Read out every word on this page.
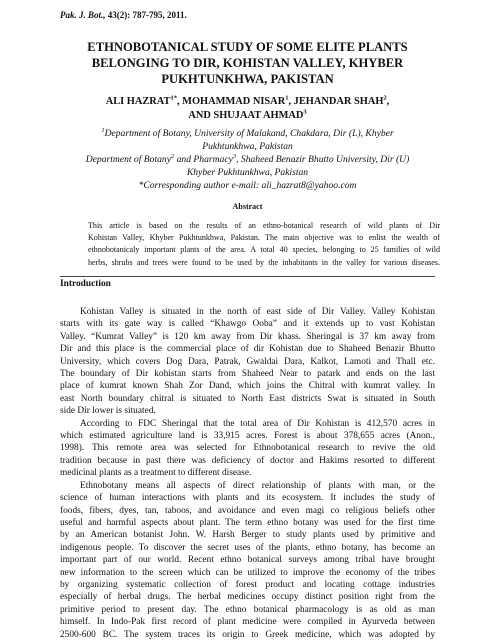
Pak. J. Bot., 43(2): 787-795, 2011.
ETHNOBOTANICAL STUDY OF SOME ELITE PLANTS
BELONGING TO DIR, KOHISTAN VALLEY, KHYBER
PUKHTUNKHWA, PAKISTAN
ALI $HAZRAT^{1*}$, MOHAMMAD NISAR$^1$, JEHANDAR SHAH$^2$,
AND SHUJAAT AHMAD$^3$
$^1$Department of Botany, University of Malakand, Chakdara, Dir (L), Khyber
Pukhtunkhwa, Pakistan
Department of Botany$^2$ and Pharmacy$^3$, Shaheed Benazir Bhutto University, Dir (U)
Khyber Pukhtunkhwa, Pakistan
*Corresponding author e-mail: ali_hazrat8@yahoo.com
Abstract
This article is based on the results of an ethno-botanical research of wild plants of Dir
Kohistan Valley, Khyber Pukhtunkhwa, Pakistan. The main objective was to enlist the wealth of
ethnobotanicaly important plants of the area. A total 40 species, belonging to 25 families of wild
herbs, shrubs and trees were found to be used by the inhabitants in the valley for various diseases.
Introduction
Kohistan Valley is situated in the north of east side of Dir Valley. Valley Kohistan
starts with its gate way is called “Khawgo Ooba” and it extends up to vast Kohistan
Valley. “Kumrat Valley” is 120 km away from Dir khass. Sheringal is 37 km away from
Dir and this place is the commercial place of dir Kohistan due to Shaheed Benazir Bhutto
University, which covers Dog Dara, Patrak, Gwaldai Dara, Kalkot, Lamoti and Thall etc.
The boundary of Dir kohistan starts from Shaheed Near to patark and ends on the last
place of kumrat known Shah Zor Dand, which joins the Chitral with kumrat valley. In
east North boundary chitral is situated to North East districts Swat is situated in South
side Dir lower is situated.
According to FDC Sheringal that the total area of Dir Kohistan is 412,570 acres in
which estimated agriculture land is 33,915 acres. Forest is about 378,655 acres (Anon.,
1998). This remote area was selected for Ethnobotanical research to revive the old
tradition because in past there was deficiency of doctor and Hakims resorted to different
medicinal plants as a treatment to different disease.
Ethnobotany means all aspects of direct relationship of plants with man, or the
science of human interactions with plants and its ecosystem. It includes the study of
foods, fibers, dyes, tan, taboos, and avoidance and even magi co religious beliefs other
useful and harmful aspects about plant. The term ethno botany was used for the first time
by an American botanist John. W. Harsh Berger to study plants used by primitive and
indigenous people. To discover the secret uses of the plants, ethno botany, has become an
important part of our world. Recent ethno botanical surveys among tribal have brought
new information to the screen which can be utilized to improve the economy of the tribes
by organizing systematic collection of forest product and locating cottage industries
especially of herbal drugs. The herbal medicines occupy distinct position right from the
primitive period to present day. The ethno botanical pharmacology is as old as man
himself. In Indo-Pak first record of plant medicine were compiled in Ayurveda between
2500-600 BC. The system traces its origin to Greek medicine, which was adopted by
